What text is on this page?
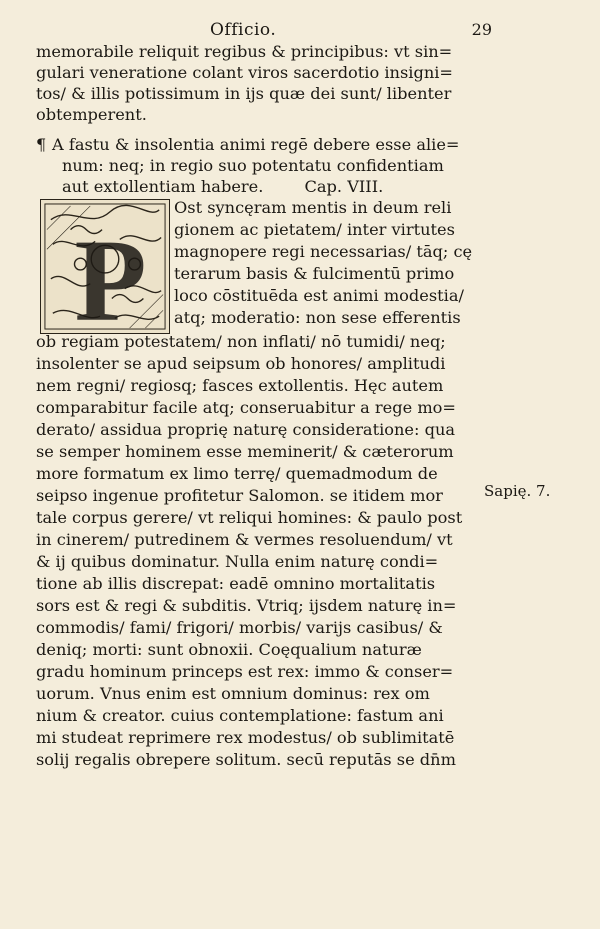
Officio.	29
memorabile reliquit regibus & principibus: vt sin=
gulari veneratione colant viros sacerdotio insigni=
tos/ & illis potissimum in ijs quæ dei sunt/ libenter
obtemperent.
¶ A fastu & insolentia animi regē debere esse alie=
num: neq; in regio suo potentatu confidentiam
aut extollentiam habere.        Cap. VIII.
P
Ost syncęram mentis in deum reli
gionem ac pietatem/ inter virtutes
magnopere regi necessarias/ tāq; cę
terarum basis & fulcimentū primo
loco cōstituēda est animi modestia/
atq; moderatio: non sese efferentis
ob regiam potestatem/ non inflati/ nō tumidi/ neq;
insolenter se apud seipsum ob honores/ amplitudi
nem regni/ regiosq; fasces extollentis. Hęc autem
comparabitur facile atq; conseruabitur a rege mo=
derato/ assidua proprię naturę consideratione: qua
se semper hominem esse meminerit/ & cæterorum
more formatum ex limo terrę/ quemadmodum de
seipso ingenue profitetur Salomon. se itidem mor
tale corpus gerere/ vt reliqui homines: & paulo post
in cinerem/ putredinem & vermes resoluendum/ vt
& ij quibus dominatur. Nulla enim naturę condi=
tione ab illis discrepat: eadē omnino mortalitatis
sors est & regi & subditis. Vtriq; ijsdem naturę in=
commodis/ fami/ frigori/ morbis/ varijs casibus/ &
deniq; morti: sunt obnoxii. Coęqualium naturæ
gradu hominum princeps est rex: immo & conser=
uorum. Vnus enim est omnium dominus: rex om
nium & creator. cuius contemplatione: fastum ani
mi studeat reprimere rex modestus/ ob sublimitatē
solij regalis obrepere solitum. secū reputās se dn̄m
Sapię. 7.
